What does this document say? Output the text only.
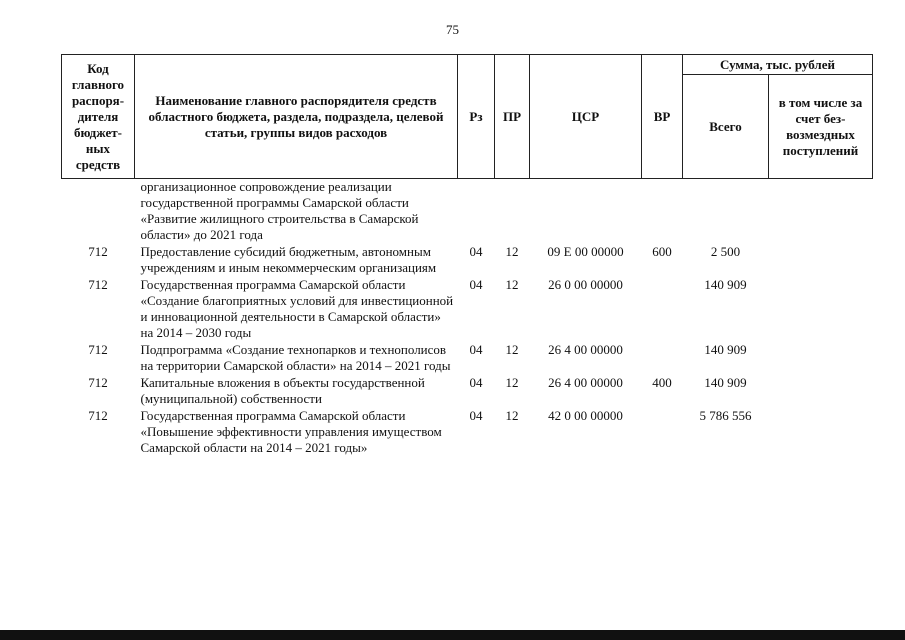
75
Код главного распоря-дителя бюджет-ных средств	Наименование главного распорядителя средств областного бюджета, раздела, подраздела, целевой статьи, группы видов расходов	Рз	ПР	ЦСР	ВР	Сумма, тыс. рублей	
						Всего	в том числе за счет без-возмездных поступлений
	организационное сопровождение реализации государственной программы Самарской области «Развитие жилищного строительства в Самарской области» до 2021 года						
712	Предоставление субсидий бюджетным, автономным учреждениям и иным некоммерческим организациям	04	12	09 Е 00 00000	600	2 500	
712	Государственная программа Самарской области «Создание благоприятных условий для инвестиционной и инновационной деятельности в Самарской области» на 2014 – 2030 годы	04	12	26 0 00 00000		140 909	
712	Подпрограмма «Создание технопарков и технополисов на территории Самарской области» на 2014 – 2021 годы	04	12	26 4 00 00000		140 909	
712	Капитальные вложения в объекты государственной (муниципальной) собственности	04	12	26 4 00 00000	400	140 909	
712	Государственная программа Самарской области «Повышение эффективности управления имуществом Самарской области на 2014 – 2021 годы»	04	12	42 0 00 00000		5 786 556	
